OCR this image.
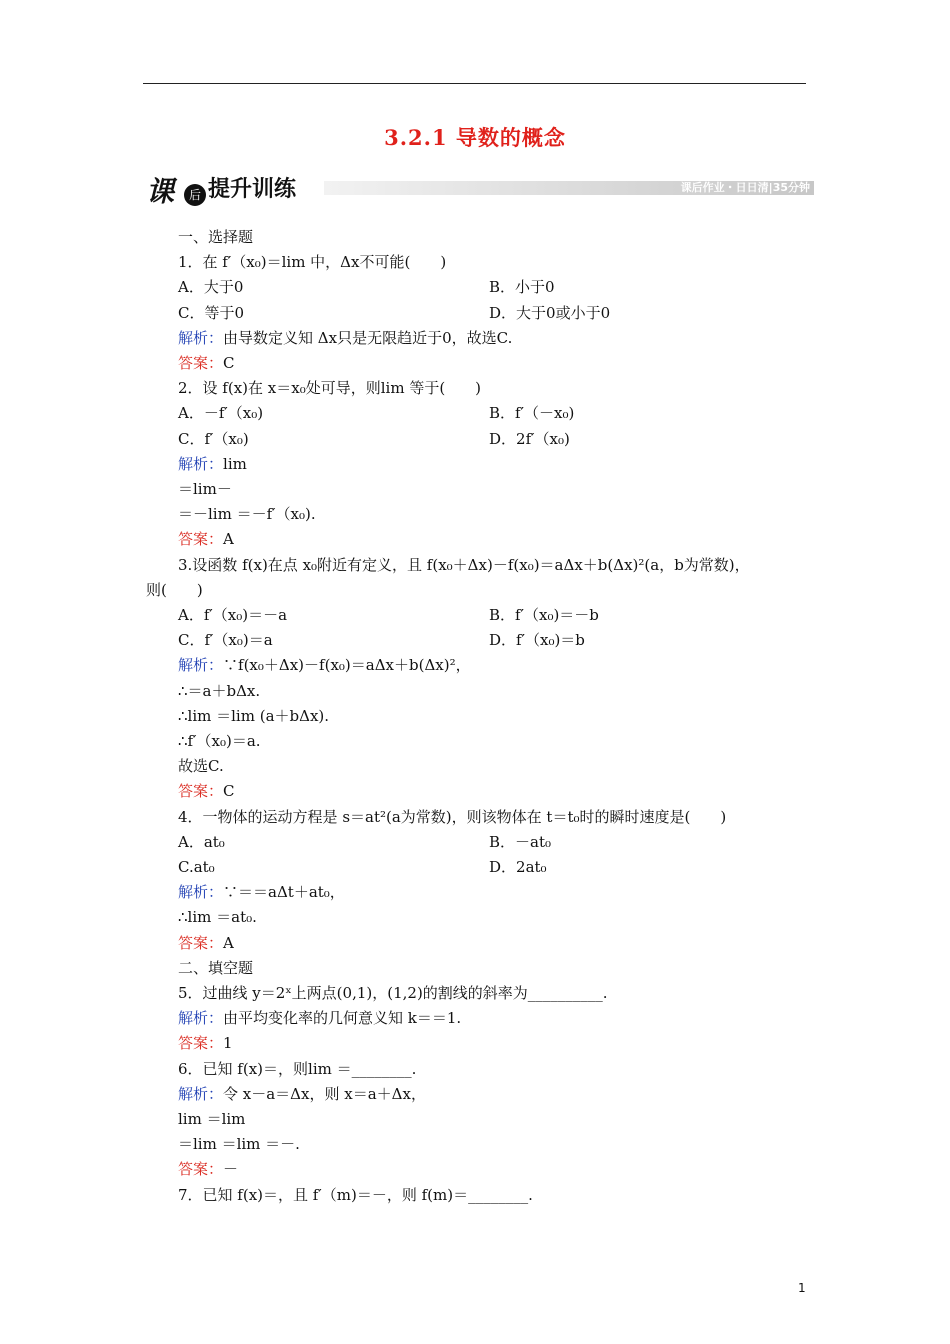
3.2.1 导数的概念
课	后 提升训练	课后作业・日日清|35分钟
一、选择题
1．在 f′（x₀)＝lim 中，Δx不可能(　　)
A．大于0	B．小于0
C．等于0	D．大于0或小于0
解析：由导数定义知 Δx只是无限趋近于0，故选C.
答案：C
2．设 f(x)在 x＝x₀处可导，则lim 等于(　　)
A．－f′（x₀)	B．f′（－x₀)
C．f′（x₀)	D．2f′（x₀)
解析：lim
＝lim－
＝－lim ＝－f′（x₀).
答案：A
3.设函数 f(x)在点 x₀附近有定义，且 f(x₀＋Δx)－f(x₀)＝aΔx＋b(Δx)²(a，b为常数)，
则(　　)
A．f′（x₀)＝－a	B．f′（x₀)＝－b
C．f′（x₀)＝a	D．f′（x₀)＝b
解析：∵f(x₀＋Δx)－f(x₀)＝aΔx＋b(Δx)²，
∴＝a＋bΔx.
∴lim ＝lim (a＋bΔx).
∴f′（x₀)＝a.
故选C.
答案：C
4．一物体的运动方程是 s＝at²(a为常数)，则该物体在 t＝t₀时的瞬时速度是(　　)
A．at₀	B．－at₀
C.at₀	D．2at₀
解析：∵＝＝aΔt＋at₀，
∴lim ＝at₀.
答案：A
二、填空题
5．过曲线 y＝2ˣ上两点(0,1)，(1,2)的割线的斜率为__________.
解析：由平均变化率的几何意义知 k＝＝1.
答案：1
6．已知 f(x)＝，则lim ＝________.
解析：令 x－a＝Δx，则 x＝a＋Δx，
lim ＝lim
＝lim ＝lim ＝－.
答案：－
7．已知 f(x)＝，且 f′（m)＝－，则 f(m)＝________.
1
